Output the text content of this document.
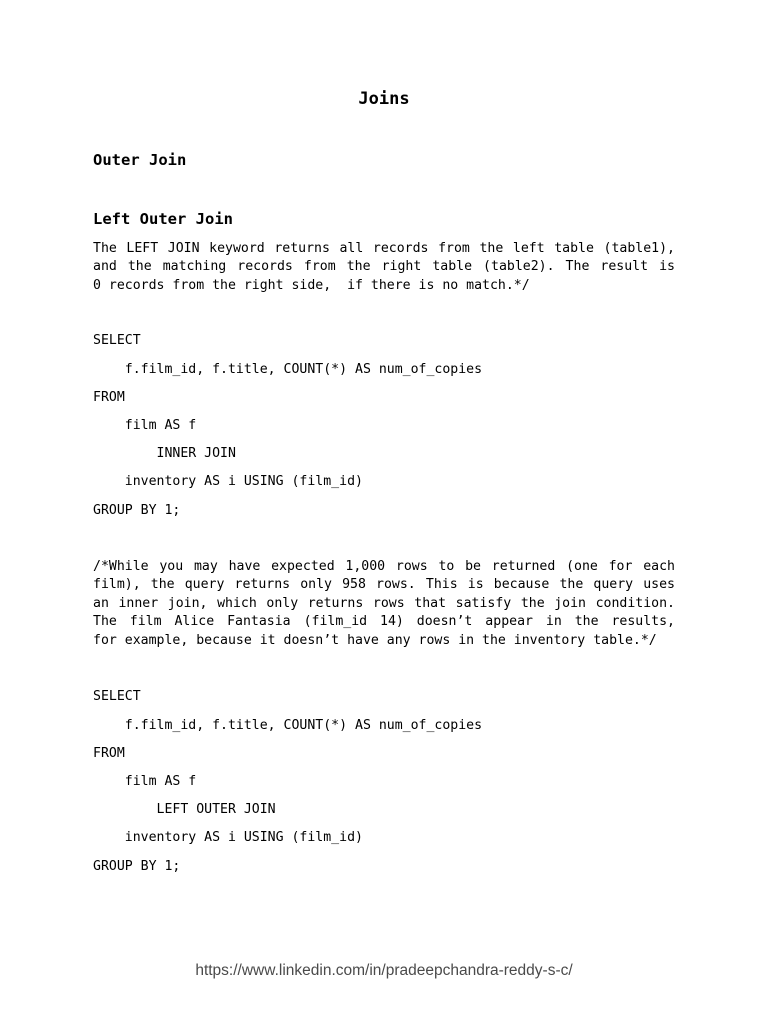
Joins
Outer Join
Left Outer Join
The LEFT JOIN keyword returns all records from the left table (table1),
and the matching records from the right table (table2). The result is
0 records from the right side,  if there is no match.*/
SELECT
f.film_id, f.title, COUNT(*) AS num_of_copies
FROM
film AS f
INNER JOIN
inventory AS i USING (film_id)
GROUP BY 1;
/*While you may have expected 1,000 rows to be returned (one for each
film), the query returns only 958 rows. This is because the query uses
an inner join, which only returns rows that satisfy the join condition.
The film Alice Fantasia (film_id 14) doesn’t appear in the results,
for example, because it doesn’t have any rows in the inventory table.*/
SELECT
f.film_id, f.title, COUNT(*) AS num_of_copies
FROM
film AS f
LEFT OUTER JOIN
inventory AS i USING (film_id)
GROUP BY 1;
https://www.linkedin.com/in/pradeepchandra-reddy-s-c/
